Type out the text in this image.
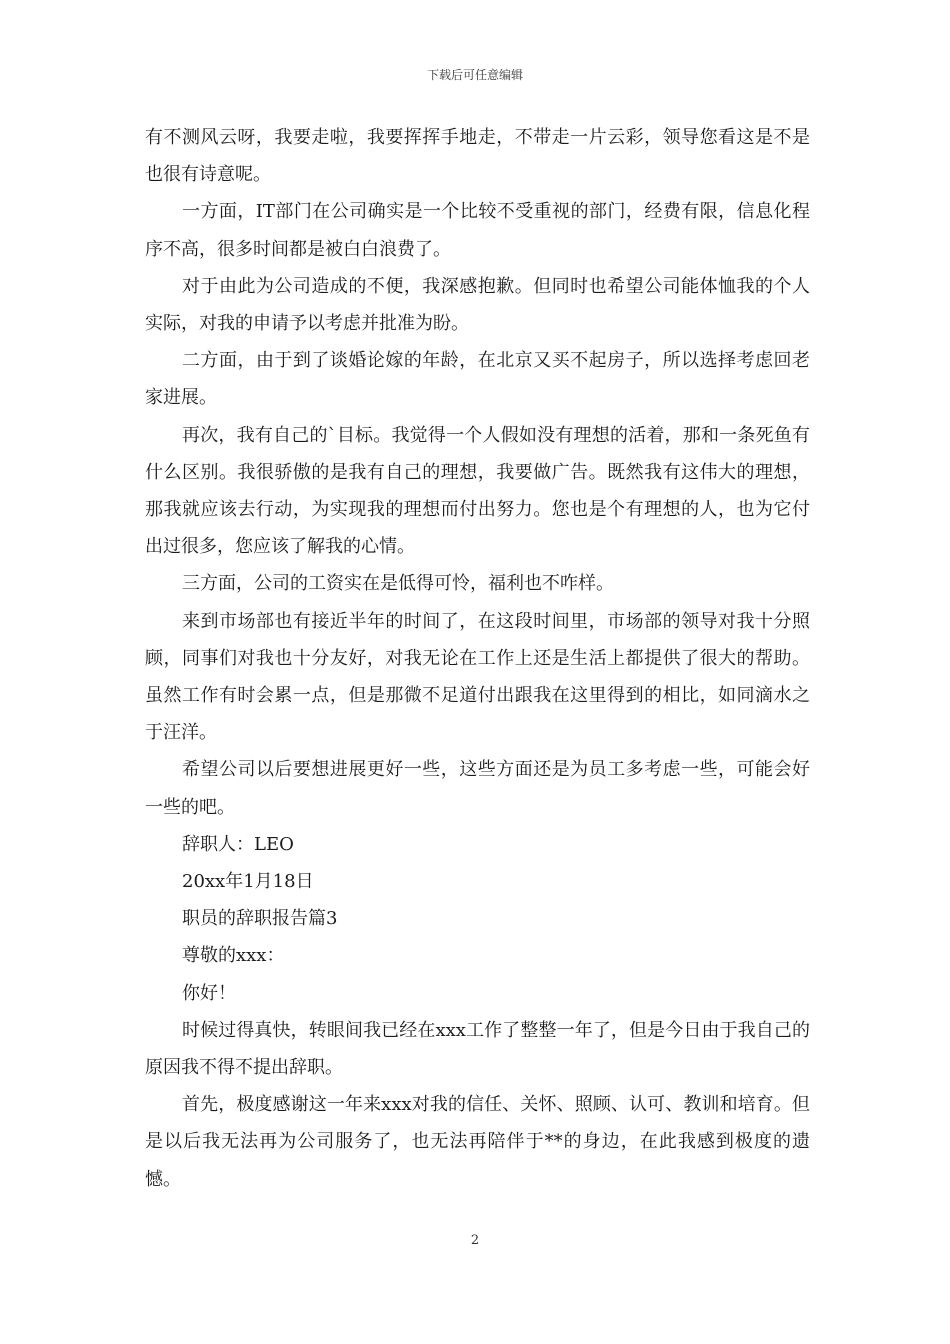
下载后可任意编辑

有不测风云呀，我要走啦，我要挥挥手地走，不带走一片云彩，领导您看这是不是也很有诗意呢。

一方面，IT部门在公司确实是一个比较不受重视的部门，经费有限，信息化程序不高，很多时间都是被白白浪费了。

对于由此为公司造成的不便，我深感抱歉。但同时也希望公司能体恤我的个人实际，对我的申请予以考虑并批准为盼。

二方面，由于到了谈婚论嫁的年龄，在北京又买不起房子，所以选择考虑回老家进展。

再次，我有自己的`目标。我觉得一个人假如没有理想的活着，那和一条死鱼有什么区别。我很骄傲的是我有自己的理想，我要做广告。既然我有这伟大的理想，那我就应该去行动，为实现我的理想而付出努力。您也是个有理想的人，也为它付出过很多，您应该了解我的心情。

三方面，公司的工资实在是低得可怜，福利也不咋样。

来到市场部也有接近半年的时间了，在这段时间里，市场部的领导对我十分照顾，同事们对我也十分友好，对我无论在工作上还是生活上都提供了很大的帮助。虽然工作有时会累一点，但是那微不足道付出跟我在这里得到的相比，如同滴水之于汪洋。

希望公司以后要想进展更好一些，这些方面还是为员工多考虑一些，可能会好一些的吧。

辞职人：LEO

20xx年1月18日

职员的辞职报告篇3

尊敬的xxx：

你好！

时候过得真快，转眼间我已经在xxx工作了整整一年了，但是今日由于我自己的原因我不得不提出辞职。

首先，极度感谢这一年来xxx对我的信任、关怀、照顾、认可、教训和培育。但是以后我无法再为公司服务了，也无法再陪伴于**的身边，在此我感到极度的遗憾。

2
